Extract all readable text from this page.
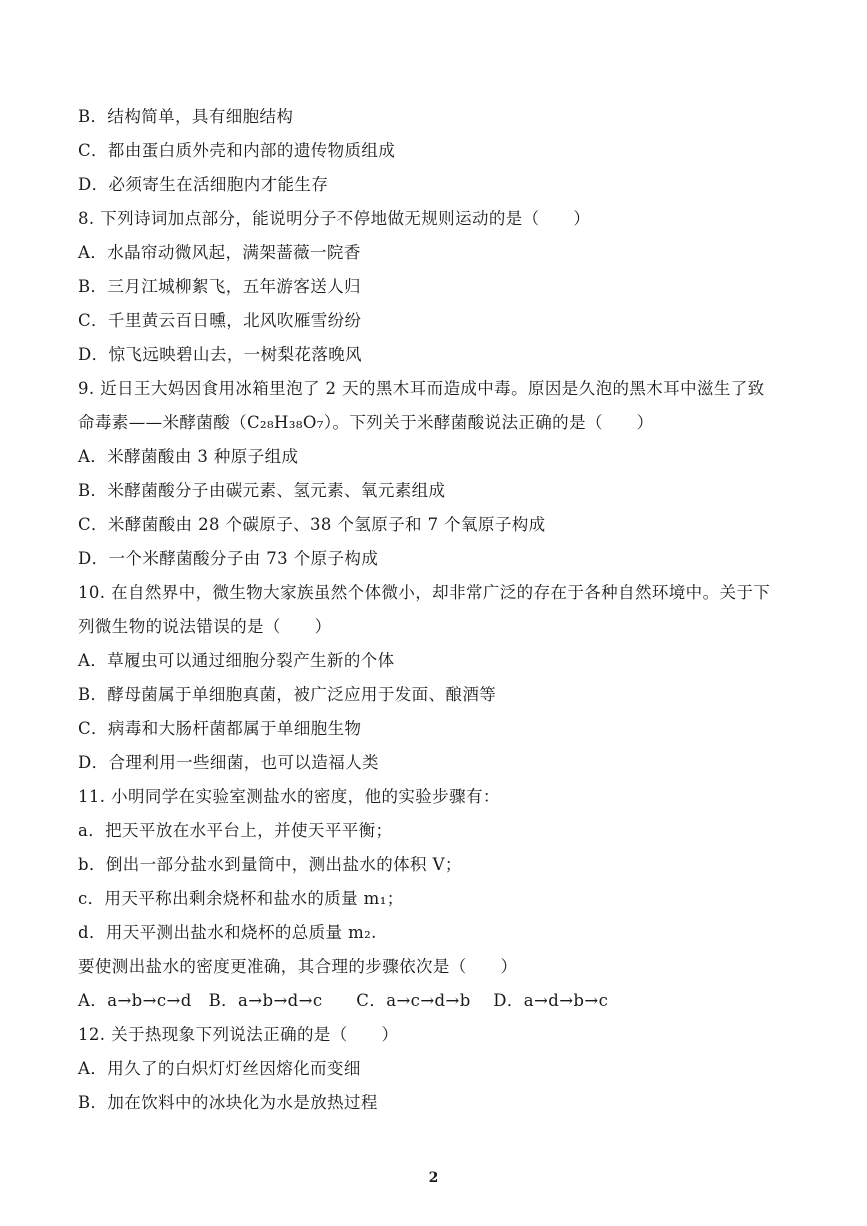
B．结构简单，具有细胞结构
C．都由蛋白质外壳和内部的遗传物质组成
D．必须寄生在活细胞内才能生存
8. 下列诗词加点部分，能说明分子不停地做无规则运动的是（　　）
A．水晶帘动微风起，满架蔷薇一院香
B．三月江城柳絮飞，五年游客送人归
C．千里黄云百日曛，北风吹雁雪纷纷
D．惊飞远映碧山去，一树梨花落晚风
9. 近日王大妈因食用冰箱里泡了 2 天的黑木耳而造成中毒。原因是久泡的黑木耳中滋生了致
命毒素——米酵菌酸（C₂₈H₃₈O₇）。下列关于米酵菌酸说法正确的是（　　）
A．米酵菌酸由 3 种原子组成
B．米酵菌酸分子由碳元素、氢元素、氧元素组成
C．米酵菌酸由 28 个碳原子、38 个氢原子和 7 个氧原子构成
D．一个米酵菌酸分子由 73 个原子构成
10. 在自然界中，微生物大家族虽然个体微小，却非常广泛的存在于各种自然环境中。关于下
列微生物的说法错误的是（　　）
A．草履虫可以通过细胞分裂产生新的个体
B．酵母菌属于单细胞真菌，被广泛应用于发面、酿酒等
C．病毒和大肠杆菌都属于单细胞生物
D．合理利用一些细菌，也可以造福人类
11. 小明同学在实验室测盐水的密度，他的实验步骤有：
a．把天平放在水平台上，并使天平平衡；
b．倒出一部分盐水到量筒中，测出盐水的体积 V；
c．用天平称出剩余烧杯和盐水的质量 m₁；
d．用天平测出盐水和烧杯的总质量 m₂.
要使测出盐水的密度更准确，其合理的步骤依次是（　　）
A．a→b→c→d　B．a→b→d→c　　C．a→c→d→b　 D．a→d→b→c
12. 关于热现象下列说法正确的是（　　）
A．用久了的白炽灯灯丝因熔化而变细
B．加在饮料中的冰块化为水是放热过程
2
